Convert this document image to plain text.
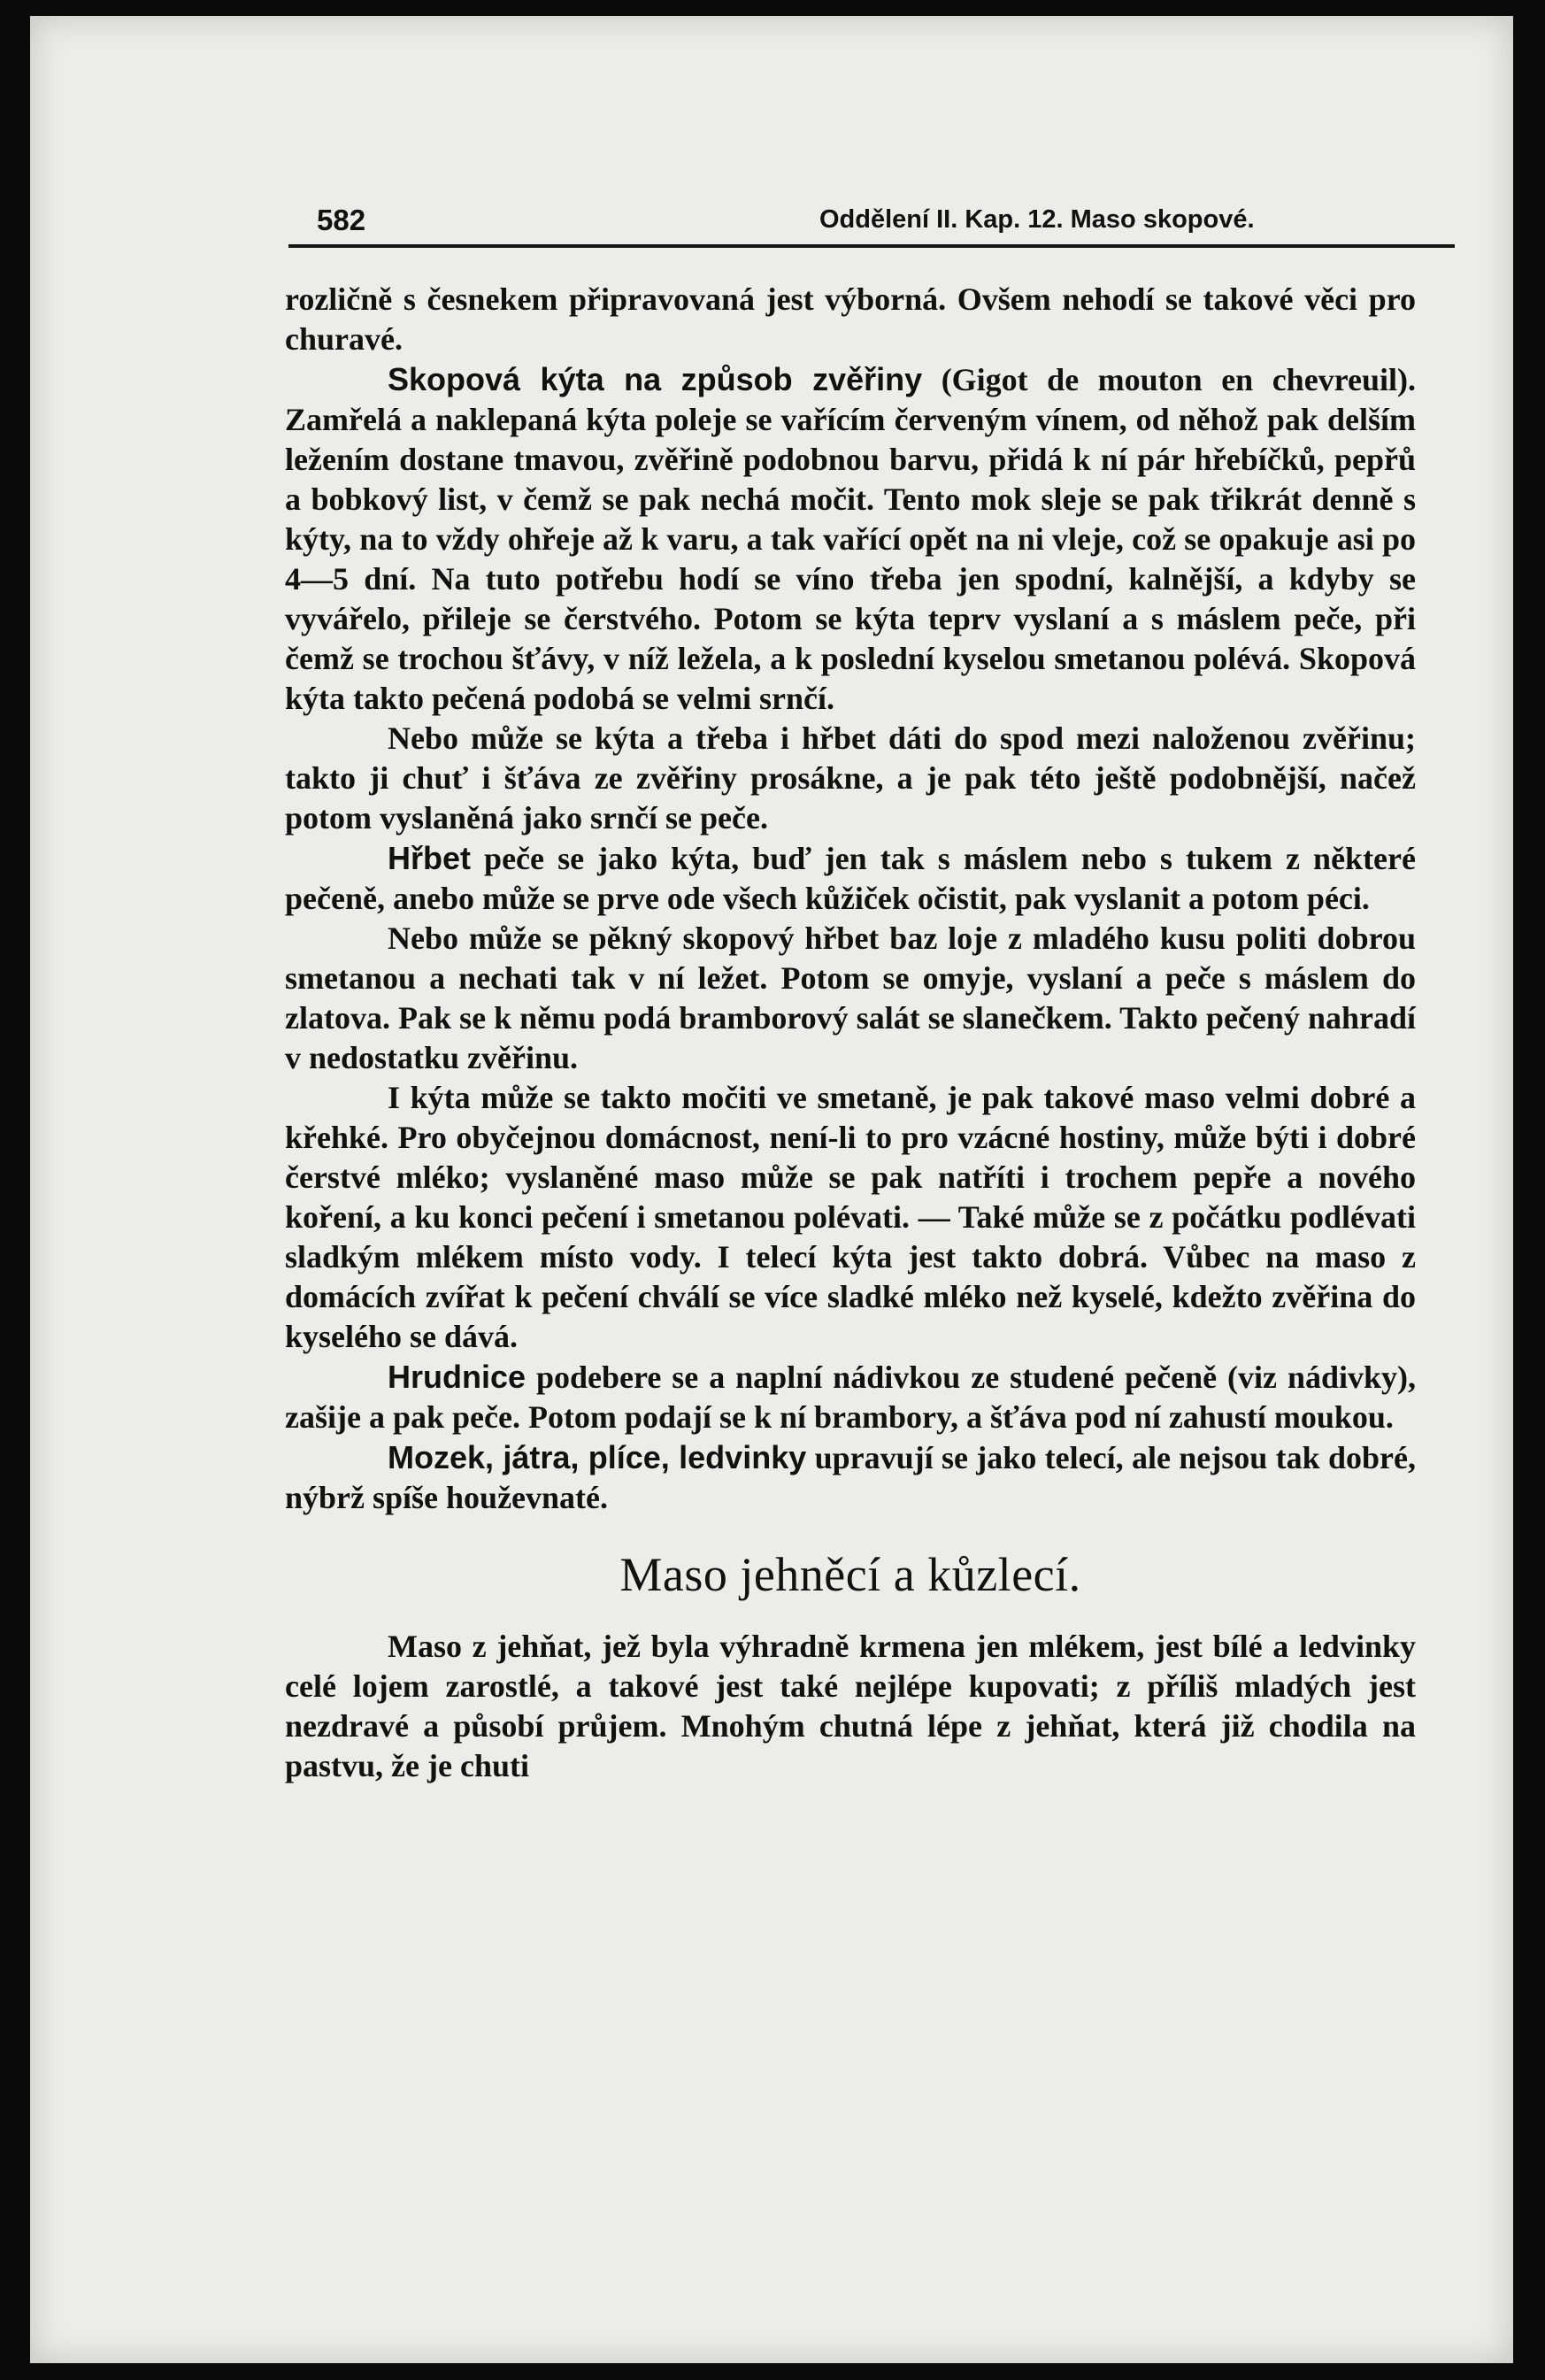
582	Oddělení II. Kap. 12. Maso skopové.

rozličně s česnekem připravovaná jest výborná. Ovšem nehodí se takové věci pro churavé.

Skopová kýta na způsob zvěřiny (Gigot de mouton en chevreuil). Zamřelá a naklepaná kýta poleje se vařícím červeným vínem, od něhož pak delším ležením dostane tmavou, zvěřině podobnou barvu, přidá k ní pár hřebíčků, pepřů a bobkový list, v čemž se pak nechá močit. Tento mok sleje se pak třikrát denně s kýty, na to vždy ohřeje až k varu, a tak vařící opět na ni vleje, což se opakuje asi po 4—5 dní. Na tuto potřebu hodí se víno třeba jen spodní, kalnější, a kdyby se vyvářelo, přileje se čerstvého. Potom se kýta teprv vyslaní a s máslem peče, při čemž se trochou šťávy, v níž ležela, a k poslední kyselou smetanou polévá. Skopová kýta takto pečená podobá se velmi srnčí.

Nebo může se kýta a třeba i hřbet dáti do spod mezi naloženou zvěřinu; takto ji chuť i šťáva ze zvěřiny prosákne, a je pak této ještě podobnější, načež potom vyslaněná jako srnčí se peče.

Hřbet peče se jako kýta, buď jen tak s máslem nebo s tukem z některé pečeně, anebo může se prve ode všech kůžiček očistit, pak vyslanit a potom péci.

Nebo může se pěkný skopový hřbet baz loje z mladého kusu politi dobrou smetanou a nechati tak v ní ležet. Potom se omyje, vyslaní a peče s máslem do zlatova. Pak se k němu podá bramborový salát se slanečkem. Takto pečený nahradí v nedostatku zvěřinu.

I kýta může se takto močiti ve smetaně, je pak takové maso velmi dobré a křehké. Pro obyčejnou domácnost, není-li to pro vzácné hostiny, může býti i dobré čerstvé mléko; vyslaněné maso může se pak natříti i trochem pepře a nového koření, a ku konci pečení i smetanou polévati. — Také může se z počátku podlévati sladkým mlékem místo vody. I telecí kýta jest takto dobrá. Vůbec na maso z domácích zvířat k pečení chválí se více sladké mléko než kyselé, kdežto zvěřina do kyselého se dává.

Hrudnice podebere se a naplní nádivkou ze studené pečeně (viz nádivky), zašije a pak peče. Potom podají se k ní brambory, a šťáva pod ní zahustí moukou.

Mozek, játra, plíce, ledvinky upravují se jako telecí, ale nejsou tak dobré, nýbrž spíše houževnaté.

Maso jehněcí a kůzlecí.

Maso z jehňat, jež byla výhradně krmena jen mlékem, jest bílé a ledvinky celé lojem zarostlé, a takové jest také nejlépe kupovati; z příliš mladých jest nezdravé a působí průjem. Mnohým chutná lépe z jehňat, která již chodila na pastvu, že je chuti
